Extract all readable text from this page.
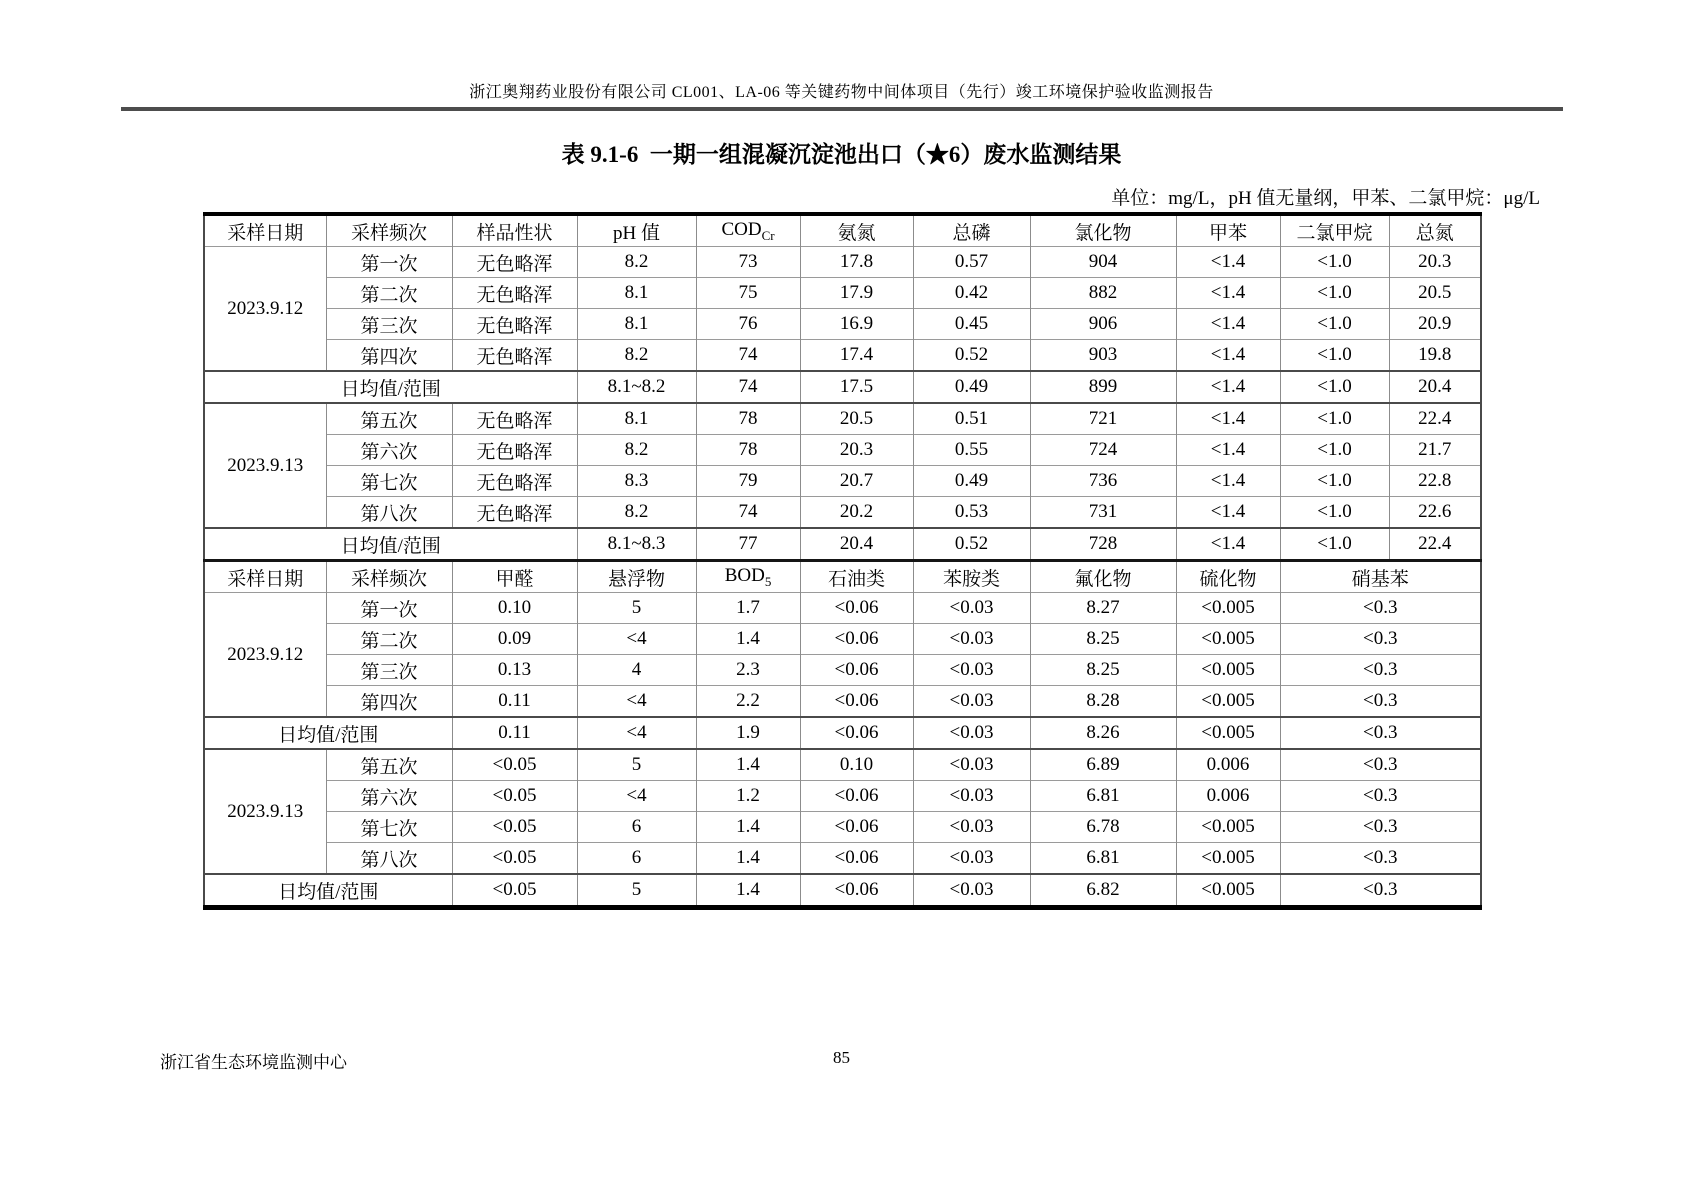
浙江奥翔药业股份有限公司 CL001、LA-06 等关键药物中间体项目（先行）竣工环境保护验收监测报告
表 9.1-6  一期一组混凝沉淀池出口（★6）废水监测结果
单位：mg/L，pH 值无量纲，甲苯、二氯甲烷：μg/L
采样日期	采样频次	样品性状	pH 值	$COD_{Cr}$	氨氮	总磷	氯化物	甲苯	二氯甲烷	总氮
2023.9.12	第一次	无色略浑	8.2	73	17.8	0.57	904	<1.4	<1.0	20.3
	第二次	无色略浑	8.1	75	17.9	0.42	882	<1.4	<1.0	20.5
	第三次	无色略浑	8.1	76	16.9	0.45	906	<1.4	<1.0	20.9
	第四次	无色略浑	8.2	74	17.4	0.52	903	<1.4	<1.0	19.8
日均值/范围			8.1~8.2	74	17.5	0.49	899	<1.4	<1.0	20.4
2023.9.13	第五次	无色略浑	8.1	78	20.5	0.51	721	<1.4	<1.0	22.4
	第六次	无色略浑	8.2	78	20.3	0.55	724	<1.4	<1.0	21.7
	第七次	无色略浑	8.3	79	20.7	0.49	736	<1.4	<1.0	22.8
	第八次	无色略浑	8.2	74	20.2	0.53	731	<1.4	<1.0	22.6
日均值/范围			8.1~8.3	77	20.4	0.52	728	<1.4	<1.0	22.4
采样日期	采样频次	甲醛	悬浮物	$BOD_5$	石油类	苯胺类	氟化物	硫化物	硝基苯	
2023.9.12	第一次	0.10	5	1.7	<0.06	<0.03	8.27	<0.005	<0.3	
	第二次	0.09	<4	1.4	<0.06	<0.03	8.25	<0.005	<0.3	
	第三次	0.13	4	2.3	<0.06	<0.03	8.25	<0.005	<0.3	
	第四次	0.11	<4	2.2	<0.06	<0.03	8.28	<0.005	<0.3	
日均值/范围		0.11	<4	1.9	<0.06	<0.03	8.26	<0.005	<0.3	
2023.9.13	第五次	<0.05	5	1.4	0.10	<0.03	6.89	0.006	<0.3	
	第六次	<0.05	<4	1.2	<0.06	<0.03	6.81	0.006	<0.3	
	第七次	<0.05	6	1.4	<0.06	<0.03	6.78	<0.005	<0.3	
	第八次	<0.05	6	1.4	<0.06	<0.03	6.81	<0.005	<0.3	
日均值/范围		<0.05	5	1.4	<0.06	<0.03	6.82	<0.005	<0.3	
浙江省生态环境监测中心	85
